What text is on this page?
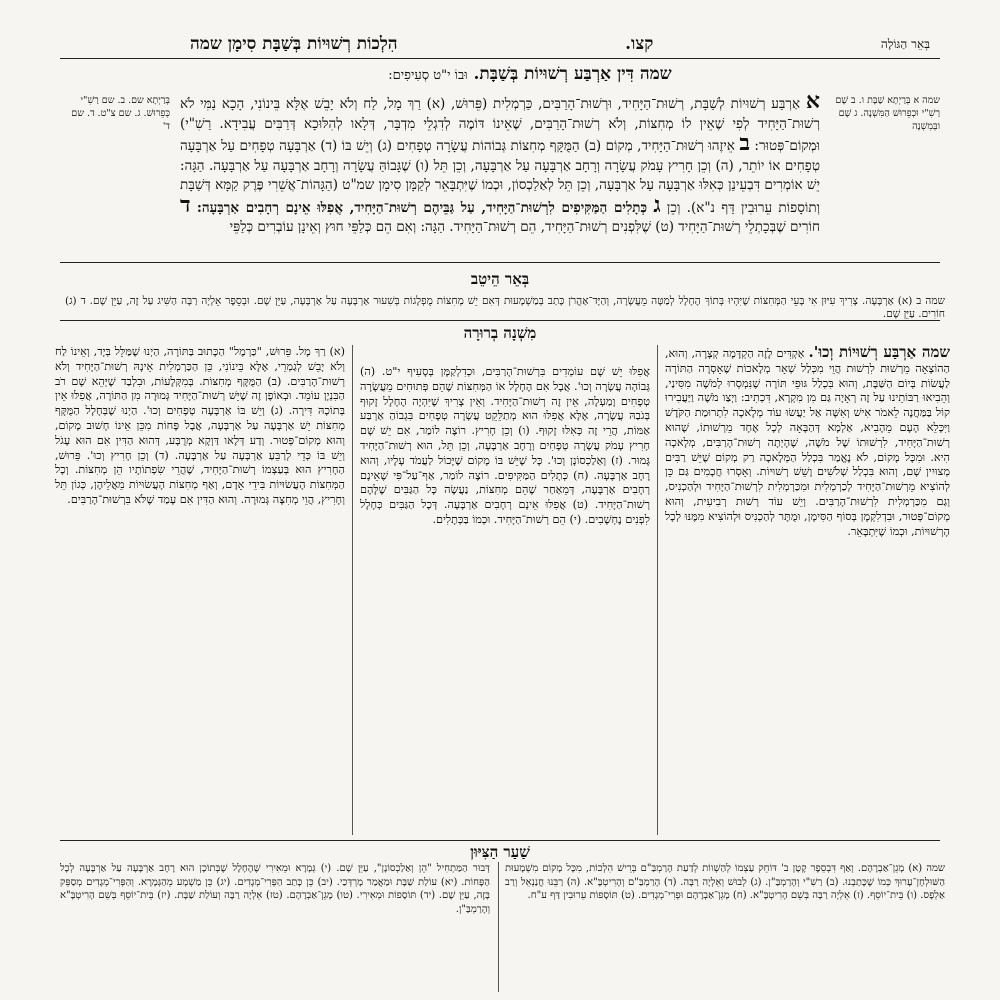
בְּאֵר הַגּוֹלָה
קצו.
הִלְכוֹת רְשׁוּיוֹת בְּשַׁבָּת סִימָן שמה
שמה דִּין אַרְבַּע רְשׁוּיוֹת בְּשַׁבָּת. וּבוֹ י"ט סְעִיפִים:
שמה א בְּרַיְתָא שַׁבָּת ו. ב שָׁם רַשִׁ"י וּכְפֵרוּשׁ הַמִּשְׁנָה. ג שָׁם ובְּמִשְׁנָה
בְּרַיְתָא שם. ב. שם רַשִׁ"י כְּפֵרוּשׁ. ג. שם צ"ט. ד. שם ד'
א אַרְבַּע רְשׁוּיוֹת לְשַׁבָּת, רְשׁוּת־הַיָּחִיד, וּרְשׁוּת־הָרַבִּים, כַּרְמְלִית (פֵּרוּשׁ, (א) רַךְ מָל, לַח וְלֹא יָבֵשׁ אֶלָּא בֵּינוֹנִי, הָכָא נַמִּי לֹא רְשׁוּת־הַיָּחִיד לְפִי שֶׁאֵין לוֹ מְחִצּוֹת, וְלֹא רְשׁוּת־הָרַבִּים, שֶׁאֵינוֹ דּוֹמֶה לְדִגְלֵי מִדְבָּר, דְּלָאו לְהִלּוּכָא דְּרַבִּים עֲבִידָא. רַשִׁ"י) וּמְקוֹם־פְּטוּר: ב אֵיזֶהוּ רְשׁוּת־הַיָּחִיד, מְקוֹם (ב) הַמֻּקָּף מְחִצּוֹת גְּבוֹהוֹת עֲשָׂרָה טְפָחִים (ג) וְיֵשׁ בּוֹ (ד) אַרְבָּעָה טְפָחִים עַל אַרְבָּעָה טְפָחִים אוֹ יוֹתֵר, (ה) וְכֵן חָרִיץ עָמֹק עֲשָׂרָה וְרָחָב אַרְבָּעָה עַל אַרְבָּעָה, וְכֵן תֵּל (ו) שֶׁגָּבוֹהַּ עֲשָׂרָה וְרָחָב אַרְבָּעָה עַל אַרְבָּעָה. הַגָּה: יֵשׁ אוֹמְרִים דִּבְעֵינַן כְּאִלּוּ אַרְבָּעָה עַל אַרְבָּעָה, וְכֵן תֵּל לְאַלַכְסוֹן, וּכְמוֹ שֶׁיִּתְבָּאֵר לְקַמָּן סִימָן שמ"ט (הַגָּהוֹת־אֲשֵׁרִי פֶּרֶק קַמָּא דְּשַׁבָּת וְתוֹסָפוֹת עֵרוּבִין דַּף נ"א). וְכֵן ג כְּתָלִים הַמַּקִּיפִים לִרְשׁוּת־הַיָּחִיד, עַל גַּבֵּיהֶם רְשׁוּת־הַיָּחִיד, אֲפִלּוּ אֵינָם רְחָבִים אַרְבָּעָה: ד חוֹרִים שֶׁבְּכָתְלֵי רְשׁוּת־הַיָּחִיד (ט) שֶׁלִּפְנִים רְשׁוּת־הַיָּחִיד, הֵם רְשׁוּת־הַיָּחִיד. הַגָּה: וְאִם הֵם כְּלַפֵּי חוּץ וְאֵינָן עוֹבְרִים כְּלַפֵּי
בְּאֵר הֵיטֵב
שמה ב (א) אַרְבָּעָה. צָרִיךְ עִיּוּן אִי בָּעֵי הַמְּחִצּוֹת שֶׁיִּהְיוּ בְּתוֹךְ הֶחָלָל לְמַטָּה מֵעֲשָׂרָה, וְהַיָּד־אַהֲרֹן כָּתַב בְּמַשְׁמָעוּת דְּאִם יֵשׁ מְחִצּוֹת מֻפְלָגוֹת בְּשִׁעוּר אַרְבָּעָה עַל אַרְבָּעָה, עַיֵּן שָׁם. וּבְסֵפֶר אֵלְיָה רַבָּה הַשִּׁיג עַל זֶה, עַיֵּן שָׁם. ד (ג) חוֹרִים. עַיֵּן שָׁם.
מִשְׁנָה בְרוּרָה
שמה אַרְבַּע רְשׁוּיוֹת וְכוּ'. אַקְדִּים לָזֶה הַקְדָּמָה קְצָרָה, וְהוּא, הַהוֹצָאָה מֵרְשׁוּת לִרְשׁוּת הֲוֵי מִכְּלַל שְׁאָר מְלָאכוֹת שֶׁאָסְרָה הַתּוֹרָה לַעֲשׂוֹת בְּיוֹם הַשַּׁבָּת, וְהוּא בִּכְלַל גּוּפֵי תּוֹרָה שֶׁנִּמְסְרוּ לְמֹשֶׁה מִסִּינַי, וְהֵבִיאוּ רַבּוֹתֵינוּ עַל זֶה רְאָיָה גַּם מִן מִקְרָא, דִּכְתִיב: וַיְצַו מֹשֶׁה וַיַּעֲבִירוּ קוֹל בַּמַּחֲנֶה לֵאמֹר אִישׁ וְאִשָּׁה אַל יַעֲשׂוּ עוֹד מְלָאכָה לִתְרוּמַת הַקֹּדֶשׁ וַיִּכָּלֵא הָעָם מֵהָבִיא, אַלְמָא דְּהַבָּאָה לְכָל אֶחָד מֵרְשׁוּתוֹ, שֶׁהוּא רְשׁוּת־הַיָּחִיד, לִרְשׁוּתוֹ שֶׁל מֹשֶׁה, שֶׁהָיְתָה רְשׁוּת־הָרַבִּים, מְלָאכָה הִיא. וּמִכָּל מָקוֹם, לֹא נֶאֱמַר בִּכְלַל הַמְּלָאכָה רַק מְקוֹם שֶׁיֵּשׁ רַבִּים מְצוּיִין שָׁם, וְהוּא בִּכְלַל שְׁלֹשִׁים וָשֵׁשׁ רְשׁוּיוֹת. וְאָסְרוּ חֲכָמִים גַּם כֵּן לְהוֹצִיא מֵרְשׁוּת־הַיָּחִיד לְכַרְמְלִית וּמִכַּרְמְלִית לִרְשׁוּת־הַיָּחִיד וּלְהַכְנִיס, וְגַם מִכַּרְמְלִית לִרְשׁוּת־הָרַבִּים. וְיֵשׁ עוֹד רְשׁוּת רְבִיעִית, וְהוּא מְקוֹם־פְּטוּר, וּבִדְלִקְמָן בְּסוֹף הַסִּימָן, וּמֻתָּר לְהַכְנִיס וּלְהוֹצִיא מִמֶּנּוּ לְכָל הָרְשׁוּיוֹת, וּכְמוֹ שֶׁיִּתְבָּאֵר.
אֲפִלּוּ יֵשׁ שָׁם עוֹמְדִים בִּרְשׁוּת־הָרַבִּים, וּכְדִלְקַמָּן בְּסָעִיף י"ט. (ה) גְּבוֹהָה עֲשָׂרָה וְכוּ'. אֲבָל אִם הֶחָלָל אוֹ הַמְּחִצּוֹת שֶׁהֵם פְּתוּחִים מֵעֲשָׂרָה טְפָחִים וָמַעְלָה, אֵין זֶה רְשׁוּת־הַיָּחִיד. וְאֵין צָרִיךְ שֶׁיִּהְיֶה הֶחָלָל זָקוּף בְּגֹבַהּ עֲשָׂרָה, אֶלָּא אֲפִלּוּ הוּא מְתַלֵּקֵט עֲשָׂרָה טְפָחִים בִּגְבוֹהַ אַרְבַּע אַמּוֹת, הֲרֵי זֶה כְּאִלּוּ זָקוּף. (ו) וְכֵן חָרִיץ. רוֹצֶה לוֹמַר, אִם יֵשׁ שָׁם חָרִיץ עָמֹק עֲשָׂרָה טְפָחִים וְרָחָב אַרְבָּעָה, וְכֵן תֵּל, הוּא רְשׁוּת־הַיָּחִיד גָּמוּר. (ז) וְאַלַכְסוֹנָן וְכוּ'. כָּל שֶׁיֵּשׁ בּוֹ מָקוֹם שֶׁיָּכוֹל לַעֲמֹד עָלָיו, וְהוּא רָחָב אַרְבָּעָה. (ח) כְּתָלִים הַמַּקִּיפִים. רוֹצֶה לוֹמַר, אַף־עַל־פִּי שֶׁאֵינָם רְחָבִים אַרְבָּעָה, דְּמֵאַחַר שֶׁהֵם מְחִצּוֹת, נַעֲשֶׂה כָּל הַגַּבִּים שֶׁלָּהֶם רְשׁוּת־הַיָּחִיד. (ט) אֲפִלּוּ אֵינָם רְחָבִים אַרְבָּעָה. דְּכָל הַגַּבִּים כְּחָלָל לִפְנִים נֶחְשָׁבִים. (י) הֵם רְשׁוּת־הַיָּחִיד. וּכְמוֹ בַּכְּתָלִים.
(א) רַךְ מָל. פֵּרוּשׁ, "כַּרְמֶל" הַכָּתוּב בַּתּוֹרָה, הַיְנוּ שֶׁמַּלֵּל בְּיָד, וְאֵינוֹ לַח וְלֹא יָבֵשׁ לְגַמְרֵי, אֶלָּא בֵּינוֹנִי, כֵּן הַכַּרְמְלִית אֵינָהּ רְשׁוּת־הַיָּחִיד וְלֹא רְשׁוּת־הָרַבִּים. (ב) הַמֻּקָּף מְחִצּוֹת. בְּמִקְּלָעוֹת, וּבִלְבַד שֶׁיְּהֵא שָׁם רֹב הַבִּנְיָן עוֹמֵד. וּבְאוֹפֶן זֶה שֶׁיֵּשׁ רְשׁוּת־הַיָּחִיד גְּמוּרָה מִן הַתּוֹרָה, אֲפִלּוּ אֵין בְּתוֹכָהּ דִּירָה. (ג) וְיֵשׁ בּוֹ אַרְבָּעָה טְפָחִים וְכוּ'. הַיְנוּ שֶׁבְּחָלָל הַמֻּקָּף מְחִצּוֹת יֵשׁ אַרְבָּעָה עַל אַרְבָּעָה, אֲבָל פָּחוֹת מִכֵּן אֵינוֹ חָשׁוּב מָקוֹם, וְהוּא מְקוֹם־פְּטוּר. וְדַע דְּלָאו דַּוְקָא מְרֻבָּע, דְּהוּא הַדִּין אִם הוּא עָגֹל וְיֵשׁ בּוֹ כְּדֵי לְרַבֵּעַ אַרְבָּעָה עַל אַרְבָּעָה. (ד) וְכֵן חָרִיץ וְכוּ'. פֵּרוּשׁ, הַחָרִיץ הוּא בְּעַצְמוֹ רְשׁוּת־הַיָּחִיד, שֶׁהֲרֵי שִׂפְתוֹתָיו הֵן מְחִצּוֹת. וְכָל הַמְּחִצּוֹת הָעֲשׂוּיוֹת בִּידֵי אָדָם, וְאַף מְחִצּוֹת הָעֲשׂוּיוֹת מֵאֲלֵיהֶן, כְּגוֹן תֵּל וְחָרִיץ, הֲוֵי מְחִצָּה גְּמוּרָה. וְהוּא הַדִּין אִם עָמַד שֶׁלֹּא בִּרְשׁוּת־הָרַבִּים.
שַׁעַר הַצִּיּוּן
שמה (א) מָגֵן־אַבְרָהָם. וְאַף דִּבְסֵפֶר קָטָן ב' דּוֹחֵק עַצְמוֹ לְהַשְׁווֹת לְדַעַת הָרַמְבַּ"ם בְּרֵישׁ הִלְכוֹת, מִכָּל מָקוֹם מִשְׁמָעוּת הַשּׁוּלְחָן־עָרוּךְ כְּמוֹ שֶׁכָּתַבְנוּ. (ב) רַשִׁ"י וְהָרַמְבַּ"ן. (ג) לְבוּשׁ וְאֵלְיָה רַבָּה. (ד) הָרַמְבַּ"ם וְהָרִיטְבָּ"א. (ה) רַבֵּנוּ חֲנַנְאֵל וְרַב אַלְפָס. (ו) בֵּית־יוֹסֵף. (ז) אֵלְיָה רַבָּה בְּשֵׁם הָרִיטְבָּ"א. (ח) מָגֵן־אַבְרָהָם וּפְרִי־מְגָדִים. (ט) תּוֹסָפוֹת עֵרוּבִין דַּף ע"ח.
דְּבוּר הַמַּתְחִיל "הֵן וְאַלַכְסוֹנָן", עַיֵּן שָׁם. (י) גְּמָרָא וּמֵאִירִי שֶׁהֶחָלָל שֶׁבְּתוֹכָן הוּא רָחָב אַרְבָּעָה עַל אַרְבָּעָה לְכָל הַפָּחוֹת. (יא) עוֹלַת שַׁבָּת וּמַאֲמַר מָרְדְּכַי. (יב) כֵּן כָּתַב הַפְּרִי־מְגָדִים. (יג) כֵּן מַשְׁמָע מֵהַגְּמָרָא. וְהַפְּרִי־מְגָדִים מְסַפֵּק בָּזֶה, עַיֵּן שָׁם. (יד) תּוֹסָפוֹת וּמְאִירִי. (טו) מָגֵן־אַבְרָהָם. (טז) אֵלְיָה רַבָּה וְעוֹלַת שַׁבָּת. (יז) בֵּית־יוֹסֵף בְּשֵׁם הָרִיטְבָּ"א וְהָרַמְבַּ"ן.
